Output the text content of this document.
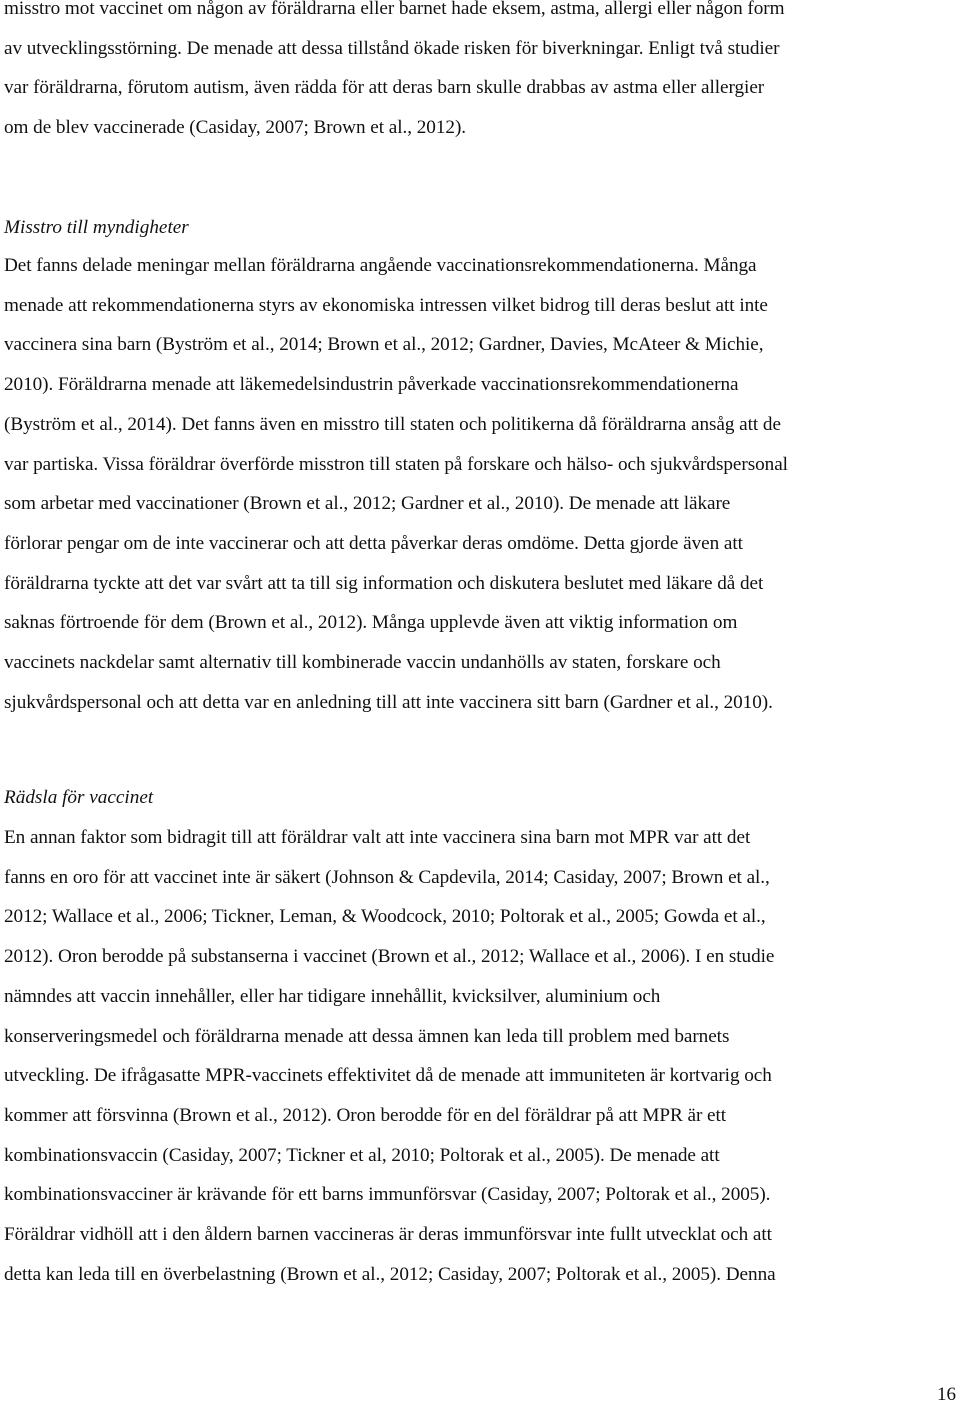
misstro mot vaccinet om någon av föräldrarna eller barnet hade eksem, astma, allergi eller någon form
av utvecklingsstörning. De menade att dessa tillstånd ökade risken för biverkningar. Enligt två studier
var föräldrarna, förutom autism, även rädda för att deras barn skulle drabbas av astma eller allergier
om de blev vaccinerade (Casiday, 2007; Brown et al., 2012).
Misstro till myndigheter
Det fanns delade meningar mellan föräldrarna angående vaccinationsrekommendationerna. Många
menade att rekommendationerna styrs av ekonomiska intressen vilket bidrog till deras beslut att inte
vaccinera sina barn (Byström et al., 2014; Brown et al., 2012; Gardner, Davies, McAteer & Michie,
2010). Föräldrarna menade att läkemedelsindustrin påverkade vaccinationsrekommendationerna
(Byström et al., 2014). Det fanns även en misstro till staten och politikerna då föräldrarna ansåg att de
var partiska. Vissa föräldrar överförde misstron till staten på forskare och hälso- och sjukvårdspersonal
som arbetar med vaccinationer (Brown et al., 2012; Gardner et al., 2010). De menade att läkare
förlorar pengar om de inte vaccinerar och att detta påverkar deras omdöme. Detta gjorde även att
föräldrarna tyckte att det var svårt att ta till sig information och diskutera beslutet med läkare då det
saknas förtroende för dem (Brown et al., 2012). Många upplevde även att viktig information om
vaccinets nackdelar samt alternativ till kombinerade vaccin undanhölls av staten, forskare och
sjukvårdspersonal och att detta var en anledning till att inte vaccinera sitt barn (Gardner et al., 2010).
Rädsla för vaccinet
En annan faktor som bidragit till att föräldrar valt att inte vaccinera sina barn mot MPR var att det
fanns en oro för att vaccinet inte är säkert (Johnson & Capdevila, 2014; Casiday, 2007; Brown et al.,
2012; Wallace et al., 2006; Tickner, Leman, & Woodcock, 2010; Poltorak et al., 2005; Gowda et al.,
2012). Oron berodde på substanserna i vaccinet (Brown et al., 2012; Wallace et al., 2006). I en studie
nämndes att vaccin innehåller, eller har tidigare innehållit, kvicksilver, aluminium och
konserveringsmedel och föräldrarna menade att dessa ämnen kan leda till problem med barnets
utveckling. De ifrågasatte MPR-vaccinets effektivitet då de menade att immuniteten är kortvarig och
kommer att försvinna (Brown et al., 2012). Oron berodde för en del föräldrar på att MPR är ett
kombinationsvaccin (Casiday, 2007; Tickner et al, 2010; Poltorak et al., 2005). De menade att
kombinationsvacciner är krävande för ett barns immunförsvar (Casiday, 2007; Poltorak et al., 2005).
Föräldrar vidhöll att i den åldern barnen vaccineras är deras immunförsvar inte fullt utvecklat och att
detta kan leda till en överbelastning (Brown et al., 2012; Casiday, 2007; Poltorak et al., 2005). Denna
16
